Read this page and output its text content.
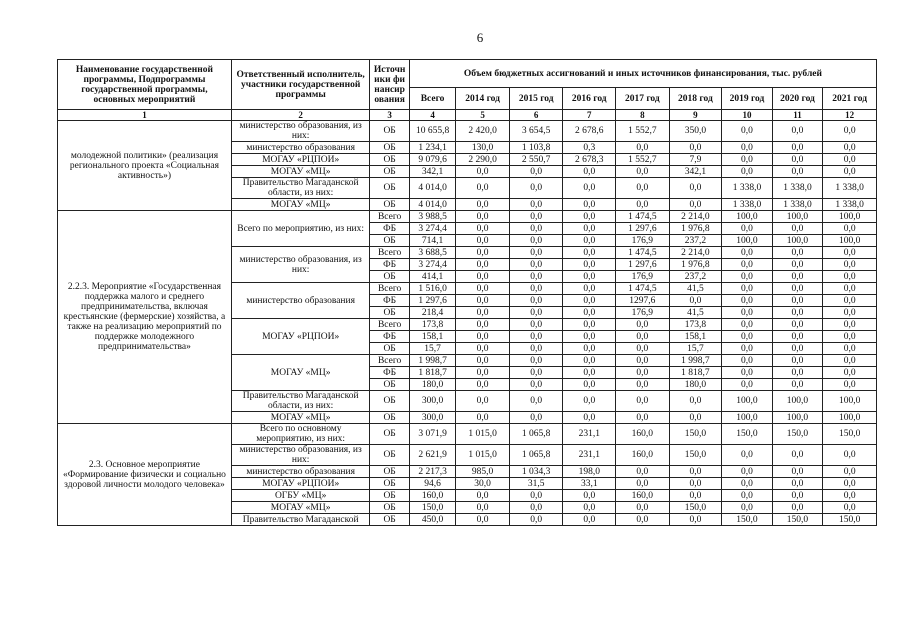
6
Наименование государственной программы, Подпрограммы государственной программы, основных мероприятий	Ответственный исполнитель, участники государственной программы	Источники финансирования	Объем бюджетных ассигнований и иных источников финансирования, тыс. рублей								
			Всего	2014 год	2015 год	2016 год	2017 год	2018 год	2019 год	2020 год	2021 год
1	2	3	4	5	6	7	8	9	10	11	12
молодежной политики» (реализация регионального проекта «Социальная активность»)	министерство образования, из них:	ОБ	10 655,8	2 420,0	3 654,5	2 678,6	1 552,7	350,0	0,0	0,0	0,0
	министерство образования	ОБ	1 234,1	130,0	1 103,8	0,3	0,0	0,0	0,0	0,0	0,0
	МОГАУ «РЦПОИ»	ОБ	9 079,6	2 290,0	2 550,7	2 678,3	1 552,7	7,9	0,0	0,0	0,0
	МОГАУ «МЦ»	ОБ	342,1	0,0	0,0	0,0	0,0	342,1	0,0	0,0	0,0
	Правительство Магаданской области, из них:	ОБ	4 014,0	0,0	0,0	0,0	0,0	0,0	1 338,0	1 338,0	1 338,0
	МОГАУ «МЦ»	ОБ	4 014,0	0,0	0,0	0,0	0,0	0,0	1 338,0	1 338,0	1 338,0
2.2.3. Мероприятие «Государственная поддержка малого и среднего предпринимательства, включая крестьянские (фермерские) хозяйства, а также на реализацию мероприятий по поддержке молодежного предпринимательства»	Всего по мероприятию, из них:	Всего	3 988,5	0,0	0,0	0,0	1 474,5	2 214,0	100,0	100,0	100,0
		ФБ	3 274,4	0,0	0,0	0,0	1 297,6	1 976,8	0,0	0,0	0,0
		ОБ	714,1	0,0	0,0	0,0	176,9	237,2	100,0	100,0	100,0
	министерство образования, из них:	Всего	3 688,5	0,0	0,0	0,0	1 474,5	2 214,0	0,0	0,0	0,0
		ФБ	3 274,4	0,0	0,0	0,0	1 297,6	1 976,8	0,0	0,0	0,0
		ОБ	414,1	0,0	0,0	0,0	176,9	237,2	0,0	0,0	0,0
	министерство образования	Всего	1 516,0	0,0	0,0	0,0	1 474,5	41,5	0,0	0,0	0,0
		ФБ	1 297,6	0,0	0,0	0,0	1297,6	0,0	0,0	0,0	0,0
		ОБ	218,4	0,0	0,0	0,0	176,9	41,5	0,0	0,0	0,0
	МОГАУ «РЦПОИ»	Всего	173,8	0,0	0,0	0,0	0,0	173,8	0,0	0,0	0,0
		ФБ	158,1	0,0	0,0	0,0	0,0	158,1	0,0	0,0	0,0
		ОБ	15,7	0,0	0,0	0,0	0,0	15,7	0,0	0,0	0,0
	МОГАУ «МЦ»	Всего	1 998,7	0,0	0,0	0,0	0,0	1 998,7	0,0	0,0	0,0
		ФБ	1 818,7	0,0	0,0	0,0	0,0	1 818,7	0,0	0,0	0,0
		ОБ	180,0	0,0	0,0	0,0	0,0	180,0	0,0	0,0	0,0
	Правительство Магаданской области, из них:	ОБ	300,0	0,0	0,0	0,0	0,0	0,0	100,0	100,0	100,0
	МОГАУ «МЦ»	ОБ	300,0	0,0	0,0	0,0	0,0	0,0	100,0	100,0	100,0
2.3. Основное мероприятие «Формирование физически и социально здоровой личности молодого человека»	Всего по основному мероприятию, из них:	ОБ	3 071,9	1 015,0	1 065,8	231,1	160,0	150,0	150,0	150,0	150,0
	министерство образования, из них:	ОБ	2 621,9	1 015,0	1 065,8	231,1	160,0	150,0	0,0	0,0	0,0
	министерство образования	ОБ	2 217,3	985,0	1 034,3	198,0	0,0	0,0	0,0	0,0	0,0
	МОГАУ «РЦПОИ»	ОБ	94,6	30,0	31,5	33,1	0,0	0,0	0,0	0,0	0,0
	ОГБУ «МЦ»	ОБ	160,0	0,0	0,0	0,0	160,0	0,0	0,0	0,0	0,0
	МОГАУ «МЦ»	ОБ	150,0	0,0	0,0	0,0	0,0	150,0	0,0	0,0	0,0
	Правительство Магаданской	ОБ	450,0	0,0	0,0	0,0	0,0	0,0	150,0	150,0	150,0
